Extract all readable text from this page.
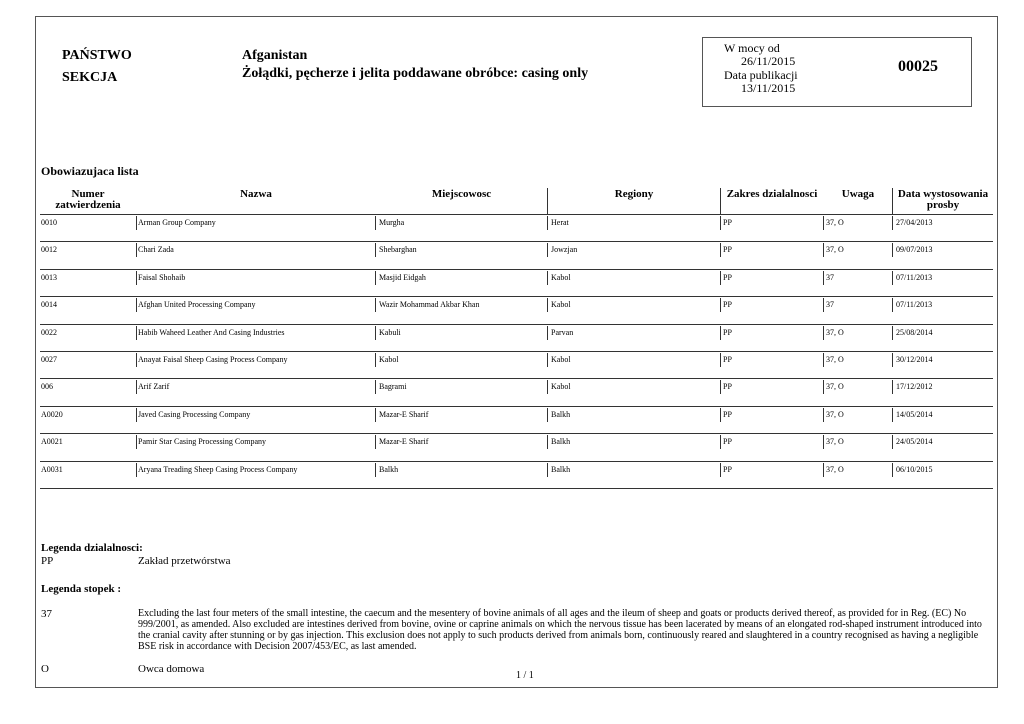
PAŃSTWO
SEKCJA
Afganistan
Żołądki, pęcherze i jelita poddawane obróbce: casing only
W mocy od
26/11/2015
Data publikacji
13/11/2015
00025
Obowiazujaca lista
Numer
zatwierdzenia
Nazwa	Miejscowosc	Regiony	Zakres dzialalnosci	Uwaga	Data wystosowania
prosby
0010	Arman Group Company	Murgha	Herat	PP	37, O	27/04/2013
0012	Chari Zada	Shebarghan	Jowzjan	PP	37, O	09/07/2013
0013	Faisal Shohaib	Masjid Eidgah	Kabol	PP	37	07/11/2013
0014	Afghan United Processing Company	Wazir Mohammad Akbar Khan	Kabol	PP	37	07/11/2013
0022	Habib Waheed Leather And Casing Industries	Kabuli	Parvan	PP	37, O	25/08/2014
0027	Anayat Faisal Sheep Casing Process Company	Kabol	Kabol	PP	37, O	30/12/2014
006	Arif Zarif	Bagrami	Kabol	PP	37, O	17/12/2012
A0020	Javed Casing Processing Company	Mazar-E Sharif	Balkh	PP	37, O	14/05/2014
A0021	Pamir Star Casing Processing Company	Mazar-E Sharif	Balkh	PP	37, O	24/05/2014
A0031	Aryana Treading Sheep Casing Process Company	Balkh	Balkh	PP	37, O	06/10/2015
Legenda dzialalnosci:
PP	Zakład przetwórstwa
Legenda stopek :
37	Excluding the last four meters of the small intestine, the caecum and the mesentery of bovine animals of all ages and the ileum of sheep and goats or products derived thereof, as provided for in Reg. (EC) No 999/2001, as amended. Also excluded are intestines derived from bovine, ovine or caprine animals on which the nervous tissue has been lacerated by means of an elongated rod-shaped instrument introduced into the cranial cavity after stunning or by gas injection. This exclusion does not apply to such products derived from animals born, continuously reared and slaughtered in a country recognised as having a negligible BSE risk in accordance with Decision 2007/453/EC, as last amended.
O	Owca domowa
1 / 1
